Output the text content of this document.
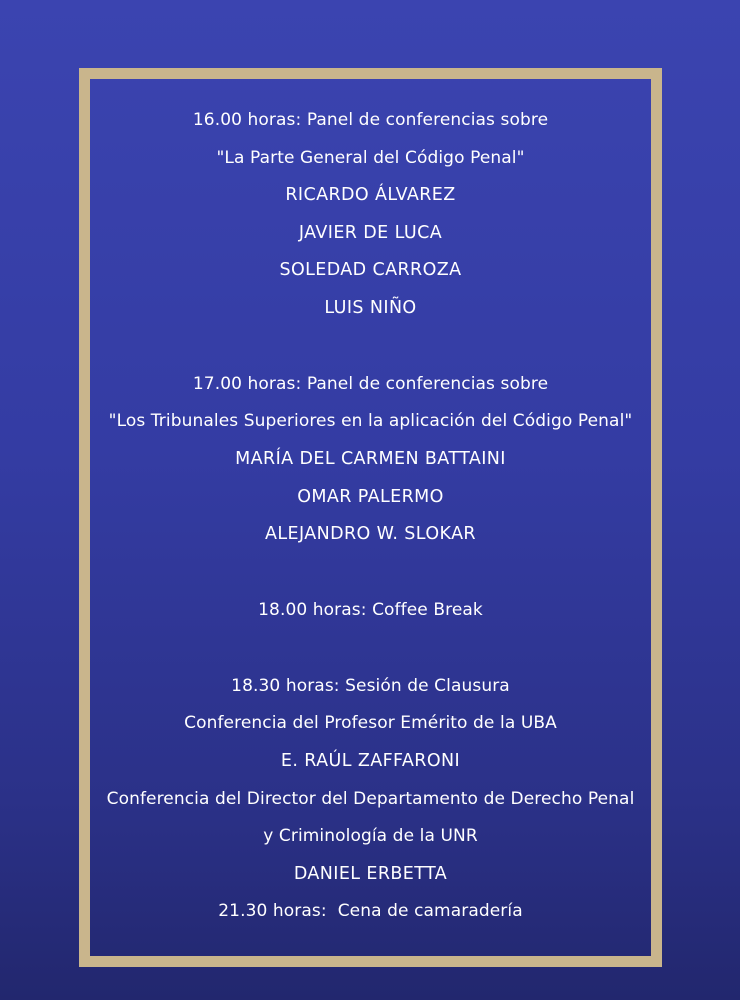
16.00 horas: Panel de conferencias sobre
"La Parte General del Código Penal"
RICARDO ÁLVAREZ
JAVIER DE LUCA
SOLEDAD CARROZA
LUIS NIÑO
17.00 horas: Panel de conferencias sobre
"Los Tribunales Superiores en la aplicación del Código Penal"
MARÍA DEL CARMEN BATTAINI
OMAR PALERMO
ALEJANDRO W. SLOKAR
18.00 horas: Coffee Break
18.30 horas: Sesión de Clausura
Conferencia del Profesor Emérito de la UBA
E. RAÚL ZAFFARONI
Conferencia del Director del Departamento de Derecho Penal
y Criminología de la UNR
DANIEL ERBETTA
21.30 horas:  Cena de camaradería
